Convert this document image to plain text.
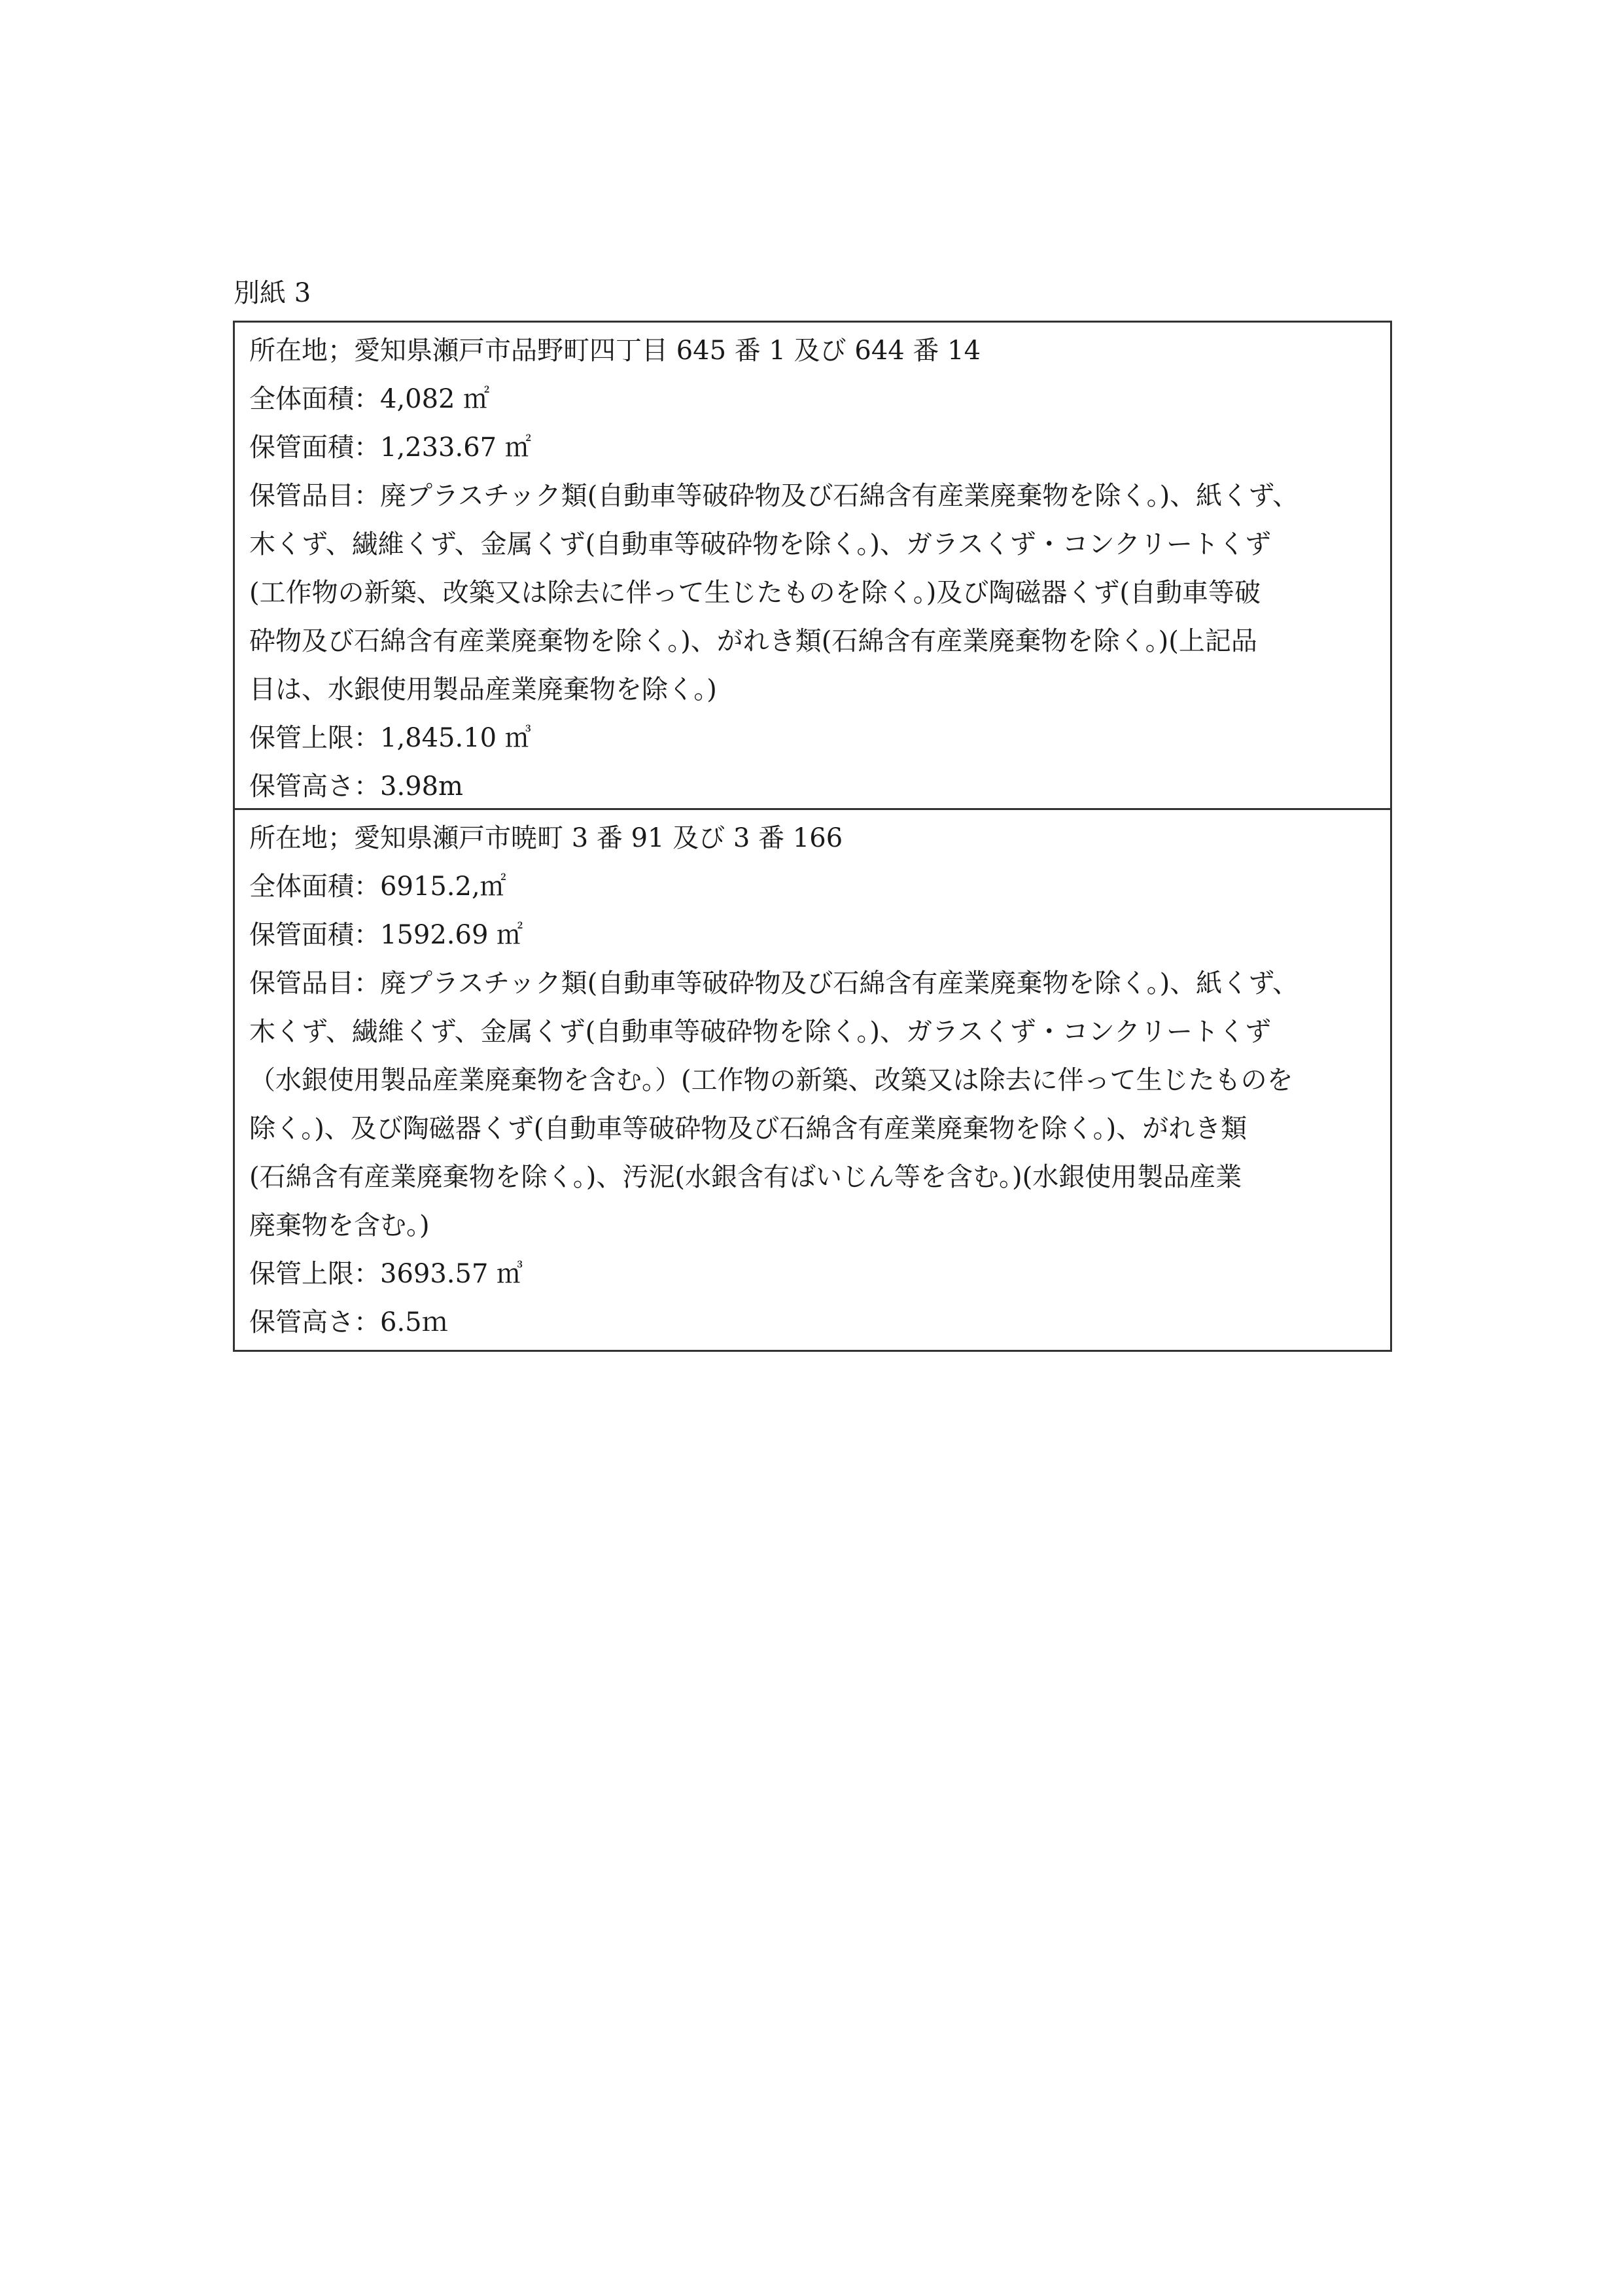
別紙 3
所在地；愛知県瀬戸市品野町四丁目 645 番 1 及び 644 番 14
全体面積：4,082 ㎡
保管面積：1,233.67 ㎡
保管品目：廃プラスチック類(自動車等破砕物及び石綿含有産業廃棄物を除く。)、紙くず、
木くず、繊維くず、金属くず(自動車等破砕物を除く。)、ガラスくず・コンクリートくず
(工作物の新築、改築又は除去に伴って生じたものを除く。)及び陶磁器くず(自動車等破
砕物及び石綿含有産業廃棄物を除く。)、がれき類(石綿含有産業廃棄物を除く。)(上記品
目は、水銀使用製品産業廃棄物を除く。)
保管上限：1,845.10 ㎥
保管高さ：3.98m
所在地；愛知県瀬戸市暁町 3 番 91 及び 3 番 166
全体面積：6915.2,㎡
保管面積：1592.69 ㎡
保管品目：廃プラスチック類(自動車等破砕物及び石綿含有産業廃棄物を除く。)、紙くず、
木くず、繊維くず、金属くず(自動車等破砕物を除く。)、ガラスくず・コンクリートくず
（水銀使用製品産業廃棄物を含む。）(工作物の新築、改築又は除去に伴って生じたものを
除く。)、及び陶磁器くず(自動車等破砕物及び石綿含有産業廃棄物を除く。)、がれき類
(石綿含有産業廃棄物を除く。)、汚泥(水銀含有ばいじん等を含む。)(水銀使用製品産業
廃棄物を含む。)
保管上限：3693.57 ㎥
保管高さ：6.5ｍ
